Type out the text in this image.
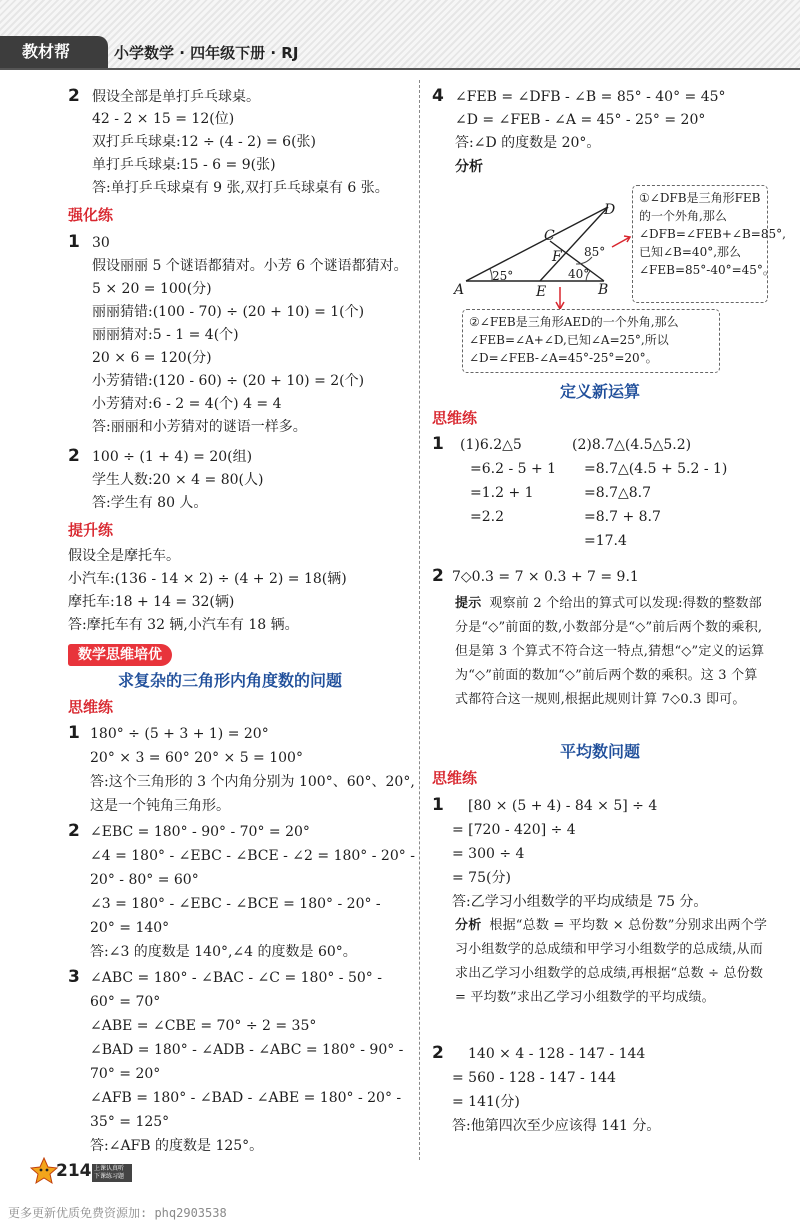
教材帮	小学数学 · 四年级下册 · RJ
2 假设全部是单打乒乓球桌。
42 - 2 × 15 = 12(位)
双打乒乓球桌:12 ÷ (4 - 2) = 6(张)
单打乒乓球桌:15 - 6 = 9(张)
答:单打乒乓球桌有 9 张,双打乒乓球桌有 6 张。
强化练
1 30
假设丽丽 5 个谜语都猜对。小芳 6 个谜语都猜对。
5 × 20 = 100(分)
丽丽猜错:(100 - 70) ÷ (20 + 10) = 1(个)
丽丽猜对:5 - 1 = 4(个)
20 × 6 = 120(分)
小芳猜错:(120 - 60) ÷ (20 + 10) = 2(个)
小芳猜对:6 - 2 = 4(个) 4 = 4
答:丽丽和小芳猜对的谜语一样多。
2 100 ÷ (1 + 4) = 20(组)
学生人数:20 × 4 = 80(人)
答:学生有 80 人。
提升练
假设全是摩托车。
小汽车:(136 - 14 × 2) ÷ (4 + 2) = 18(辆)
摩托车:18 + 14 = 32(辆)
答:摩托车有 32 辆,小汽车有 18 辆。
数学思维培优
求复杂的三角形内角度数的问题
思维练
1 180° ÷ (5 + 3 + 1) = 20°
20° × 3 = 60° 20° × 5 = 100°
答:这个三角形的 3 个内角分别为 100°、60°、20°,
这是一个钝角三角形。
2 ∠EBC = 180° - 90° - 70° = 20°
∠4 = 180° - ∠EBC - ∠BCE - ∠2 = 180° - 20° -
20° - 80° = 60°
∠3 = 180° - ∠EBC - ∠BCE = 180° - 20° -
20° = 140°
答:∠3 的度数是 140°,∠4 的度数是 60°。
3 ∠ABC = 180° - ∠BAC - ∠C = 180° - 50° -
60° = 70°
∠ABE = ∠CBE = 70° ÷ 2 = 35°
∠BAD = 180° - ∠ADB - ∠ABC = 180° - 90° -
70° = 20°
∠AFB = 180° - ∠BAD - ∠ABE = 180° - 20° -
35° = 125°
答:∠AFB 的度数是 125°。
4 ∠FEB = ∠DFB - ∠B = 85° - 40° = 45°
∠D = ∠FEB - ∠A = 45° - 25° = 20°
答:∠D 的度数是 20°。
分析
A	B
C
D
E
F
25°	40°
85°
①∠DFB是三角形FEB的一个外角,那么∠DFB=∠FEB+∠B=85°,已知∠B=40°,那么∠FEB=85°-40°=45°。
②∠FEB是三角形AED的一个外角,那么∠FEB=∠A+∠D,已知∠A=25°,所以∠D=∠FEB-∠A=45°-25°=20°。
定义新运算
思维练
1 (1)6.2△5
=6.2 - 5 + 1
=1.2 + 1
=2.2
(2)8.7△(4.5△5.2)
=8.7△(4.5 + 5.2 - 1)
=8.7△8.7
=8.7 + 8.7
=17.4
2 7◇0.3 = 7 × 0.3 + 7 = 9.1
提示 观察前 2 个给出的算式可以发现:得数的整数部分是“◇”前面的数,小数部分是“◇”前后两个数的乘积,但是第 3 个算式不符合这一特点,猜想“◇”定义的运算为“◇”前面的数加“◇”前后两个数的乘积。这 3 个算式都符合这一规则,根据此规则计算 7◇0.3 即可。
平均数问题
思维练
1 [80 × (5 + 4) - 84 × 5] ÷ 4
= [720 - 420] ÷ 4
= 300 ÷ 4
= 75(分)
答:乙学习小组数学的平均成绩是 75 分。
分析 根据“总数 = 平均数 × 总份数”分别求出两个学习小组数学的总成绩和甲学习小组数学的总成绩,从而求出乙学习小组数学的总成绩,再根据“总数 ÷ 总份数 = 平均数”求出乙学习小组数学的平均成绩。
2 140 × 4 - 128 - 147 - 144
= 560 - 128 - 147 - 144
= 141(分)
答:他第四次至少应该得 141 分。
214 上课认真听 下课练习题
更多更新优质免费资源加: phq2903538
